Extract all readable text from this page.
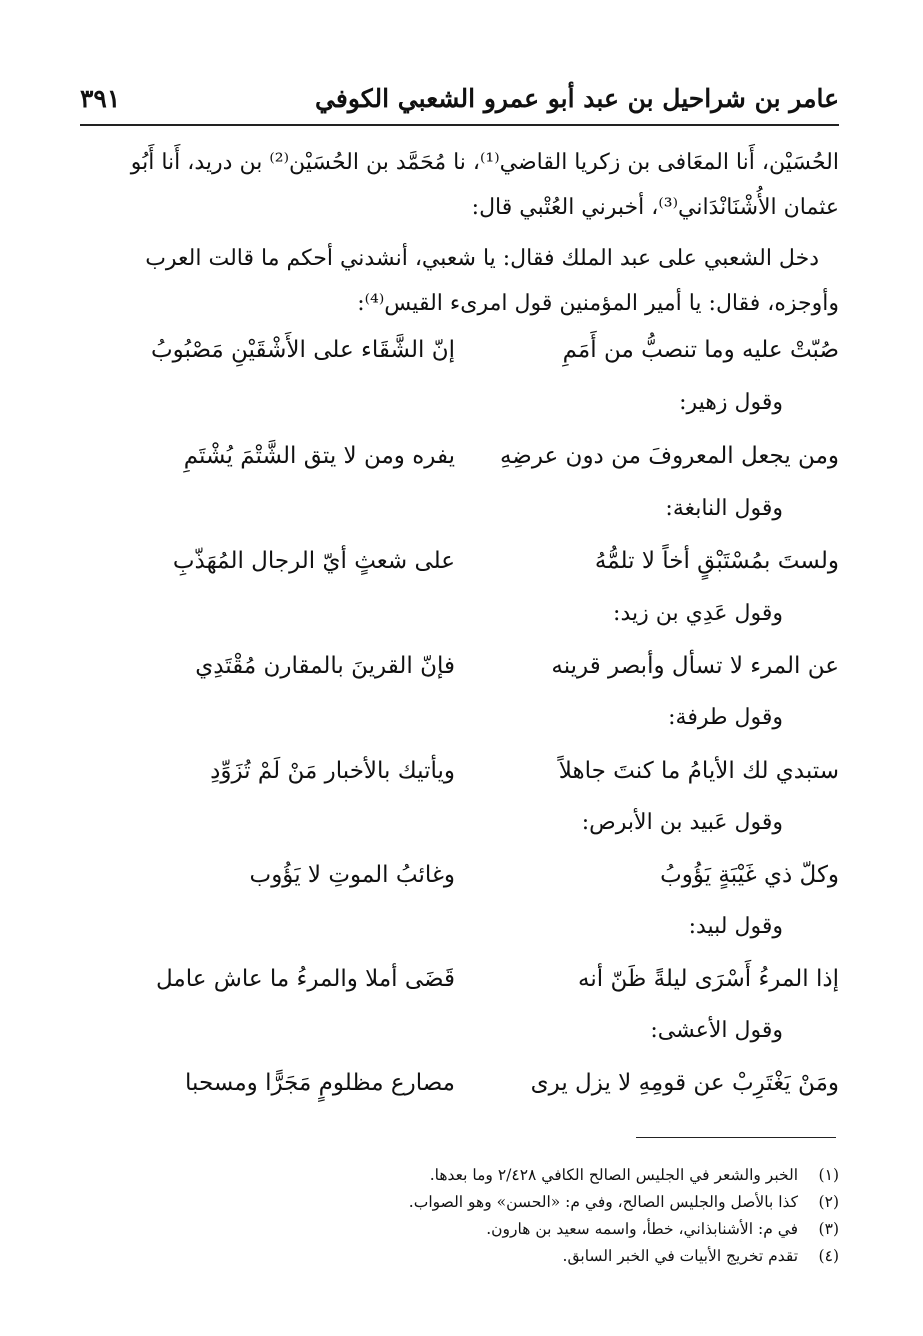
عامر بن شراحيل بن عبد أبو عمرو الشعبي الكوفي
٣٩١
الحُسَيْن، أَنا المعَافى بن زكريا القاضي⁽¹⁾، نا مُحَمَّد بن الحُسَيْن⁽²⁾ بن دريد، أَنا أَبُو
عثمان الأُشْنَانْدَاني⁽³⁾، أخبرني العُتْبي قال:
دخل الشعبي على عبد الملك فقال: يا شعبي، أنشدني أحكم ما قالت العرب
وأوجزه، فقال: يا أمير المؤمنين قول امرىء القيس⁽⁴⁾:
صُبّتْ عليه وما تنصبُّ من أَمَمِ
إنّ الشَّقَاء على الأَشْقَيْنِ مَصْبُوبُ
وقول زهير:
ومن يجعل المعروفَ من دون عرضِهِ
يفره ومن لا يتق الشَّتْمَ يُشْتَمِ
وقول النابغة:
ولستَ بمُسْتَبْقٍ أخاً لا تلمُّهُ
على شعثٍ أيّ الرجال المُهَذّبِ
وقول عَدِي بن زيد:
عن المرء لا تسأل وأبصر قرينه
فإنّ القرينَ بالمقارن مُقْتَدِي
وقول طرفة:
ستبدي لك الأيامُ ما كنتَ جاهلاً
ويأتيك بالأخبار مَنْ لَمْ تُزَوِّدِ
وقول عَبيد بن الأبرص:
وكلّ ذي غَيْبَةٍ يَؤُوبُ
وغائبُ الموتِ لا يَؤُوب
وقول لبيد:
إذا المرءُ أَسْرَى ليلةً ظَنّ أنه
قَضَى أملا والمرءُ ما عاش عامل
وقول الأعشى:
ومَنْ يَغْتَرِبْ عن قومِهِ لا يزل يرى
مصارع مظلومٍ مَجَرًّا ومسحبا
(١) الخبر والشعر في الجليس الصالح الكافي ٢/٤٢٨ وما بعدها.
(٢) كذا بالأصل والجليس الصالح، وفي م: «الحسن» وهو الصواب.
(٣) في م: الأشنابذاني، خطأ، واسمه سعيد بن هارون.
(٤) تقدم تخريج الأبيات في الخبر السابق.
